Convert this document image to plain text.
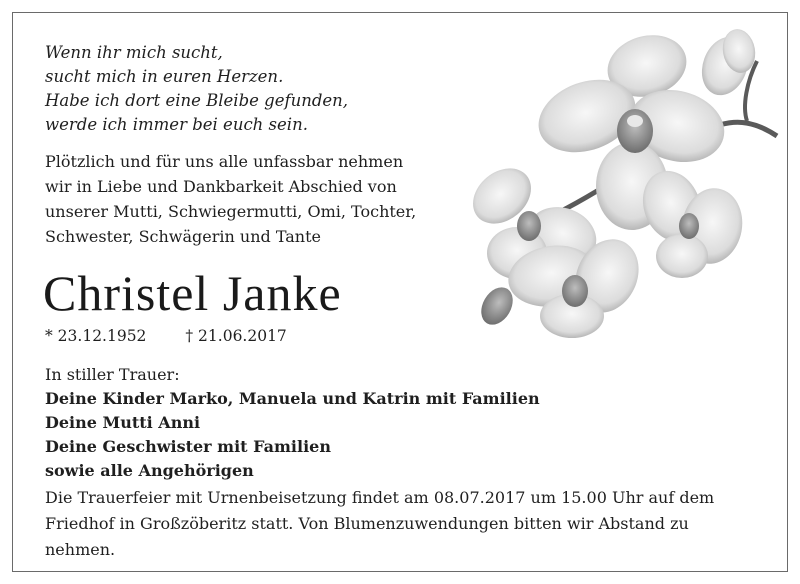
Wenn ihr mich sucht,
sucht mich in euren Herzen.
Habe ich dort eine Bleibe gefunden,
werde ich immer bei euch sein.
Plötzlich und für uns alle unfassbar nehmen
wir in Liebe und Dankbarkeit Abschied von
unserer Mutti, Schwiegermutti, Omi, Tochter,
Schwester, Schwägerin und Tante
Christel Janke
* 23.12.1952	† 21.06.2017
In stiller Trauer:
Deine Kinder Marko, Manuela und Katrin mit Familien
Deine Mutti Anni
Deine Geschwister mit Familien
sowie alle Angehörigen
Die Trauerfeier mit Urnenbeisetzung findet am 08.07.2017 um 15.00 Uhr auf dem
Friedhof in Großzöberitz statt. Von Blumenzuwendungen bitten wir Abstand zu
nehmen.
